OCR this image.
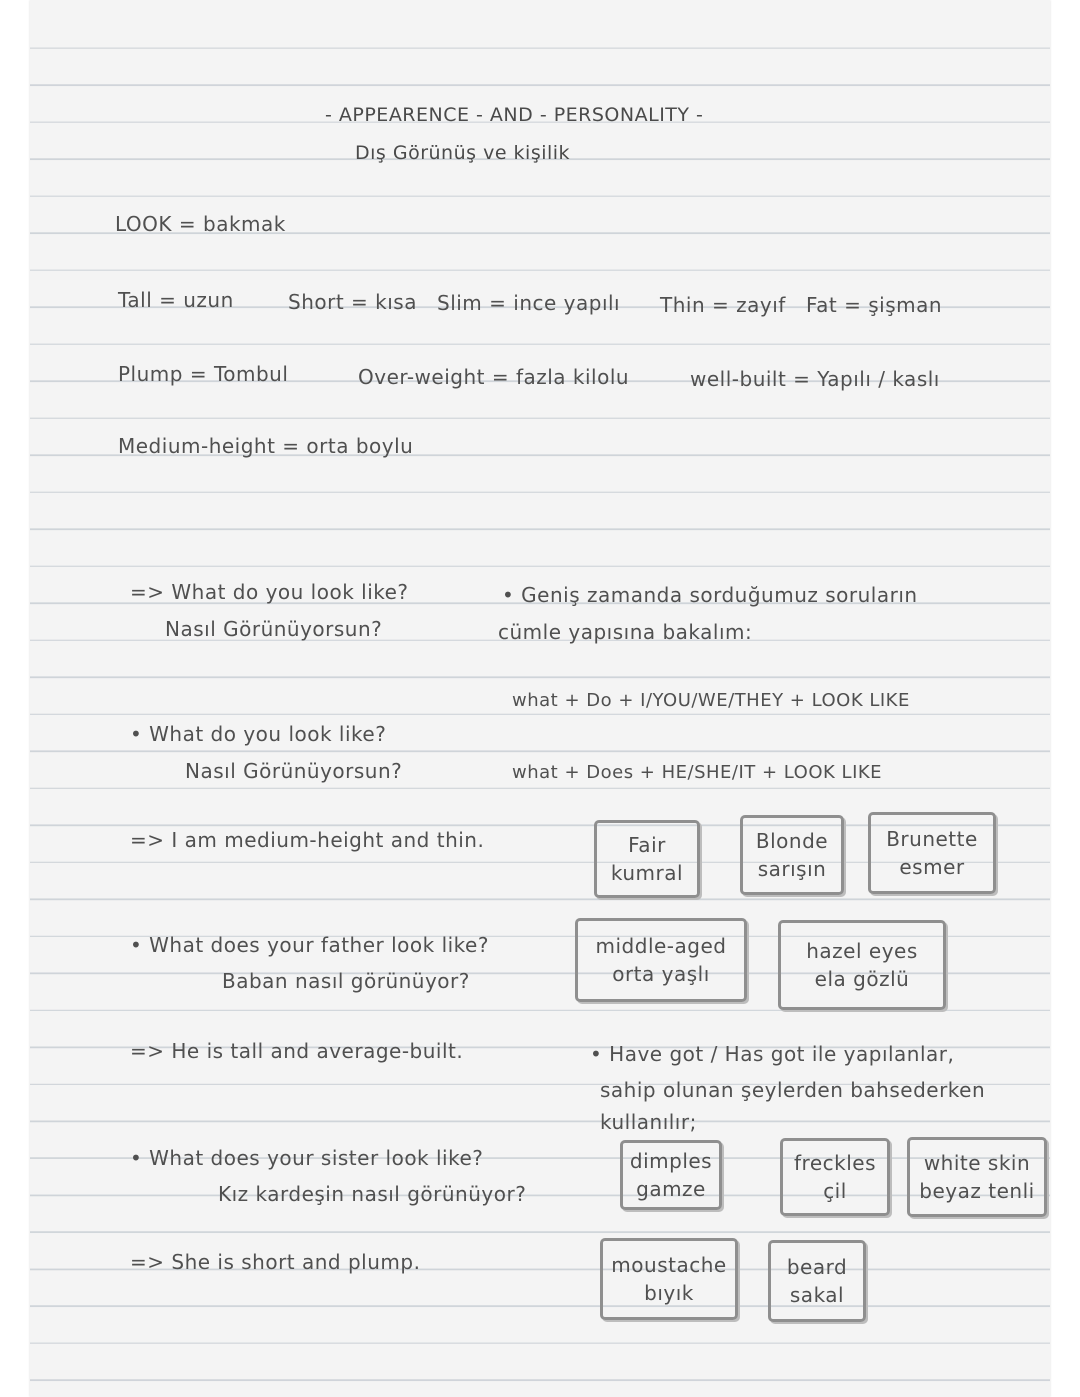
- APPEARENCE - AND - PERSONALITY -
Dış Görünüş ve kişilik
LOOK = bakmak
Tall = uzun	Short = kısa Slim = ince yapılı Thin = zayıf Fat = şişman
Plump = Tombul	Over-weight = fazla kilolu	well-built = Yapılı / kaslı
Medium-height = orta boylu
=> What do you look like?
Nasıl Görünüyorsun?
• Geniş zamanda sorduğumuz soruların
cümle yapısına bakalım:
what + Do + I/YOU/WE/THEY + LOOK LIKE
• What do you look like?
Nasıl Görünüyorsun?	what + Does + HE/SHE/IT + LOOK LIKE
=> I am medium-height and thin.	Fair
kumral
Blonde
sarışın
Brunette
esmer
• What does your father look like?
Baban nasıl görünüyor?
middle-aged
orta yaşlı
hazel eyes
ela gözlü
=> He is tall and average-built.	• Have got / Has got ile yapılanlar,
sahip olunan şeylerden bahsederken
kullanılır;
• What does your sister look like?
Kız kardeşin nasıl görünüyor?
dimples
gamze
freckles
çil
white skin
beyaz tenli
=> She is short and plump.	moustache
bıyık
beard
sakal
